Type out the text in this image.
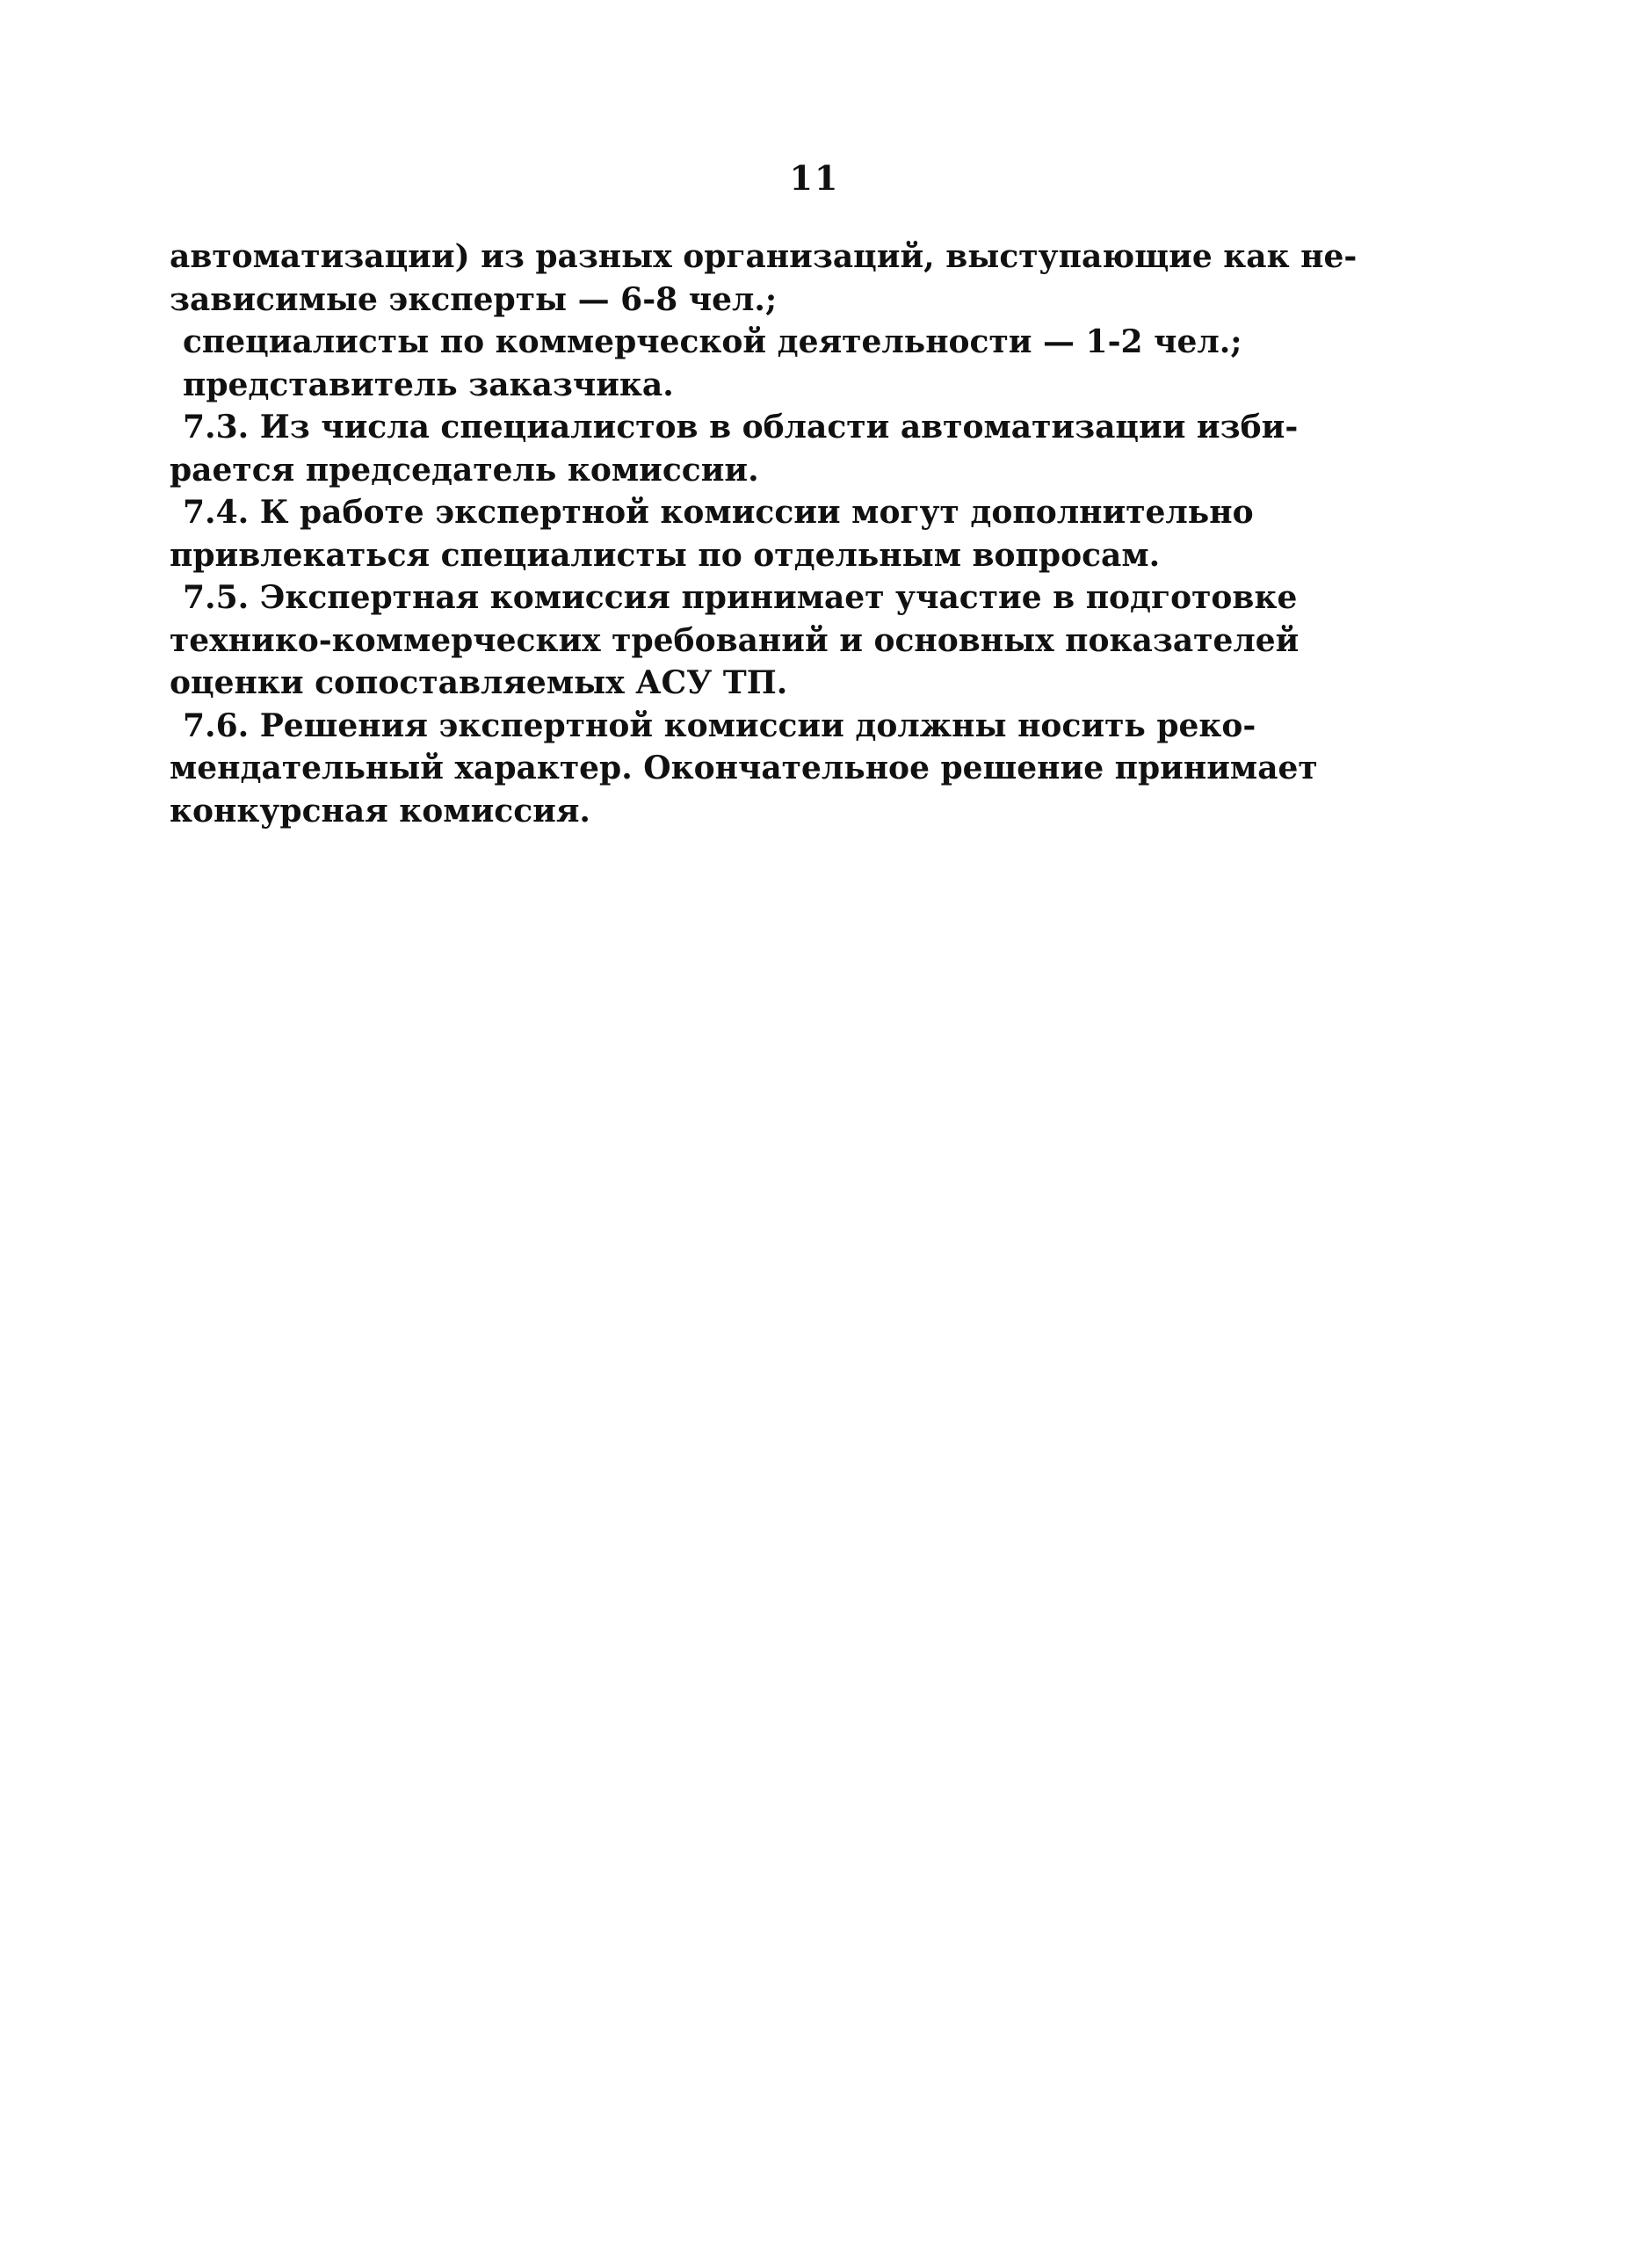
11
автоматизации) из разных организаций, выступающие как не-
зависимые эксперты — 6-8 чел.;
специалисты по коммерческой деятельности — 1-2 чел.;
представитель заказчика.
7.3. Из числа специалистов в области автоматизации изби-
рается председатель комиссии.
7.4. К работе экспертной комиссии могут дополнительно
привлекаться специалисты по отдельным вопросам.
7.5. Экспертная комиссия принимает участие в подготовке
технико-коммерческих требований и основных показателей
оценки сопоставляемых АСУ ТП.
7.6. Решения экспертной комиссии должны носить реко-
мендательный характер. Окончательное решение принимает
конкурсная комиссия.
